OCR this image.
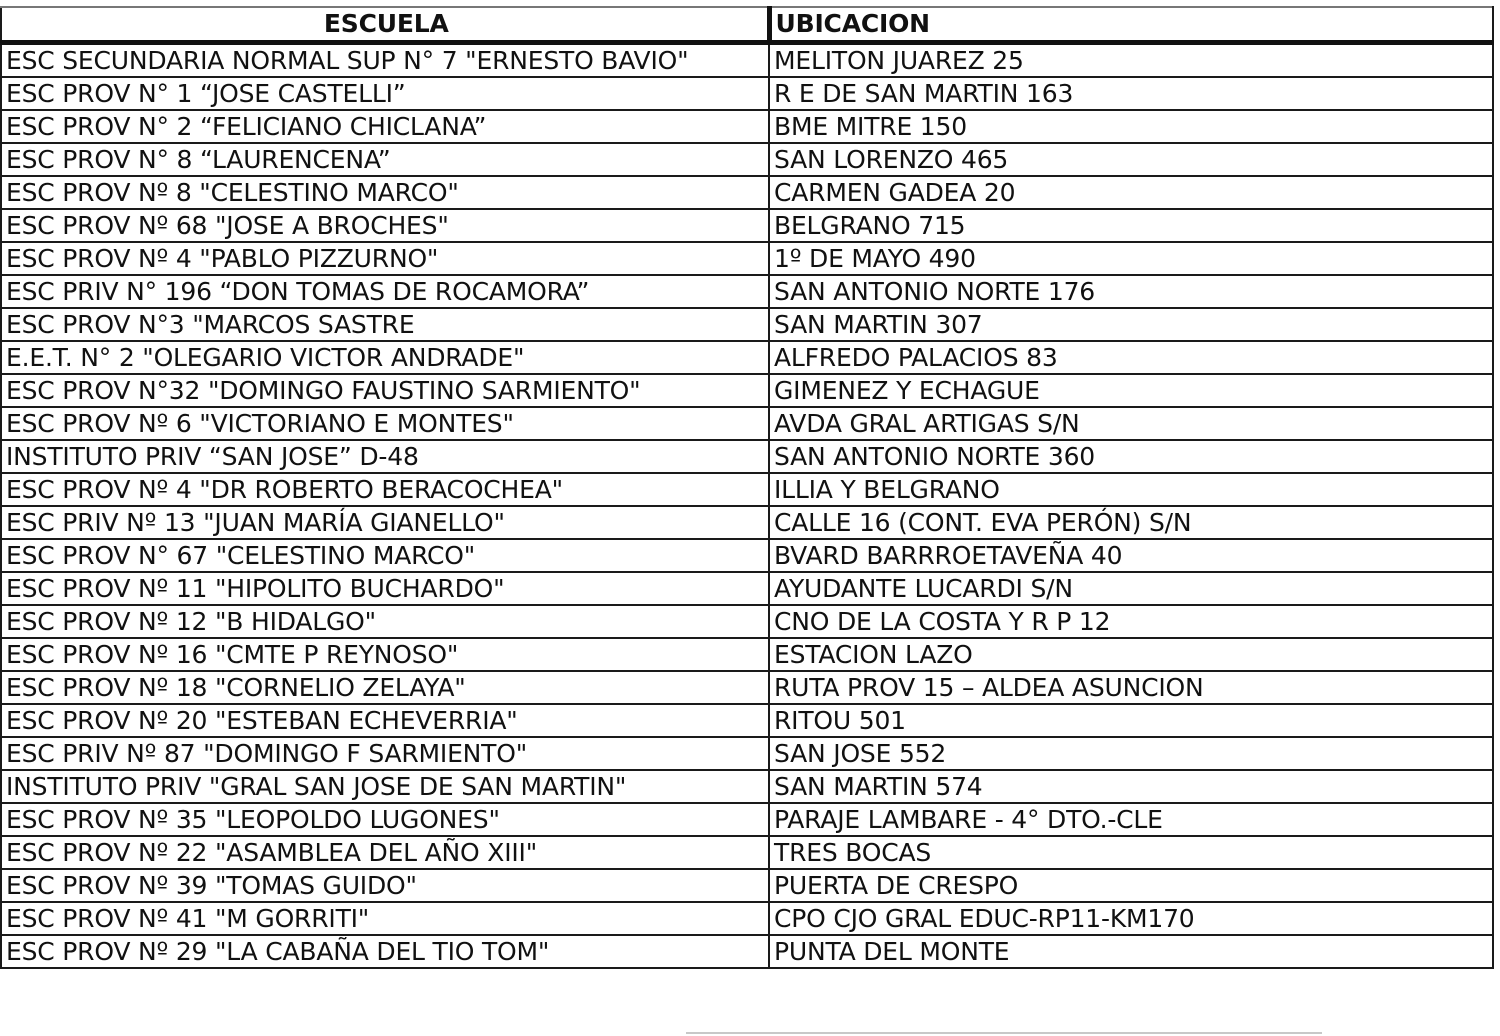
ESCUELA	UBICACION
ESC SECUNDARIA NORMAL SUP N° 7 "ERNESTO BAVIO"	MELITON JUAREZ 25
ESC PROV N° 1 “JOSE CASTELLI”	R E DE SAN MARTIN 163
ESC PROV N° 2 “FELICIANO CHICLANA”	BME MITRE 150
ESC PROV N° 8 “LAURENCENA”	SAN LORENZO 465
ESC PROV Nº 8 "CELESTINO MARCO"	CARMEN GADEA 20
ESC PROV Nº 68 "JOSE A BROCHES"	BELGRANO 715
ESC PROV Nº 4 "PABLO PIZZURNO"	1º DE MAYO 490
ESC PRIV N° 196 “DON TOMAS DE ROCAMORA”	SAN ANTONIO NORTE 176
ESC PROV N°3 "MARCOS SASTRE	SAN MARTIN 307
E.E.T. N° 2 "OLEGARIO VICTOR ANDRADE"	ALFREDO PALACIOS 83
ESC PROV N°32 "DOMINGO FAUSTINO SARMIENTO"	GIMENEZ Y ECHAGUE
ESC PROV Nº 6 "VICTORIANO E MONTES"	AVDA GRAL ARTIGAS S/N
INSTITUTO PRIV “SAN JOSE” D-48	SAN ANTONIO NORTE 360
ESC PROV Nº 4 "DR ROBERTO BERACOCHEA"	ILLIA Y BELGRANO
ESC PRIV Nº 13 "JUAN MARÍA GIANELLO"	CALLE 16 (CONT. EVA PERÓN) S/N
ESC PROV N° 67 "CELESTINO MARCO"	BVARD BARRROETAVEÑA 40
ESC PROV Nº 11 "HIPOLITO BUCHARDO"	AYUDANTE LUCARDI S/N
ESC PROV Nº 12 "B HIDALGO"	CNO DE LA COSTA Y R P 12
ESC PROV Nº 16 "CMTE P REYNOSO"	ESTACION LAZO
ESC PROV Nº 18 "CORNELIO ZELAYA"	RUTA PROV 15 – ALDEA ASUNCION
ESC PROV Nº 20 "ESTEBAN ECHEVERRIA"	RITOU 501
ESC PRIV Nº 87 "DOMINGO F SARMIENTO"	SAN JOSE 552
INSTITUTO PRIV "GRAL SAN JOSE DE SAN MARTIN"	SAN MARTIN 574
ESC PROV Nº 35 "LEOPOLDO LUGONES"	PARAJE LAMBARE - 4° DTO.-CLE
ESC PROV Nº 22 "ASAMBLEA DEL AÑO XIII"	TRES BOCAS
ESC PROV Nº 39 "TOMAS GUIDO"	PUERTA DE CRESPO
ESC PROV Nº 41 "M GORRITI"	CPO CJO GRAL EDUC-RP11-KM170
ESC PROV Nº 29 "LA CABAÑA DEL TIO TOM"	PUNTA DEL MONTE
